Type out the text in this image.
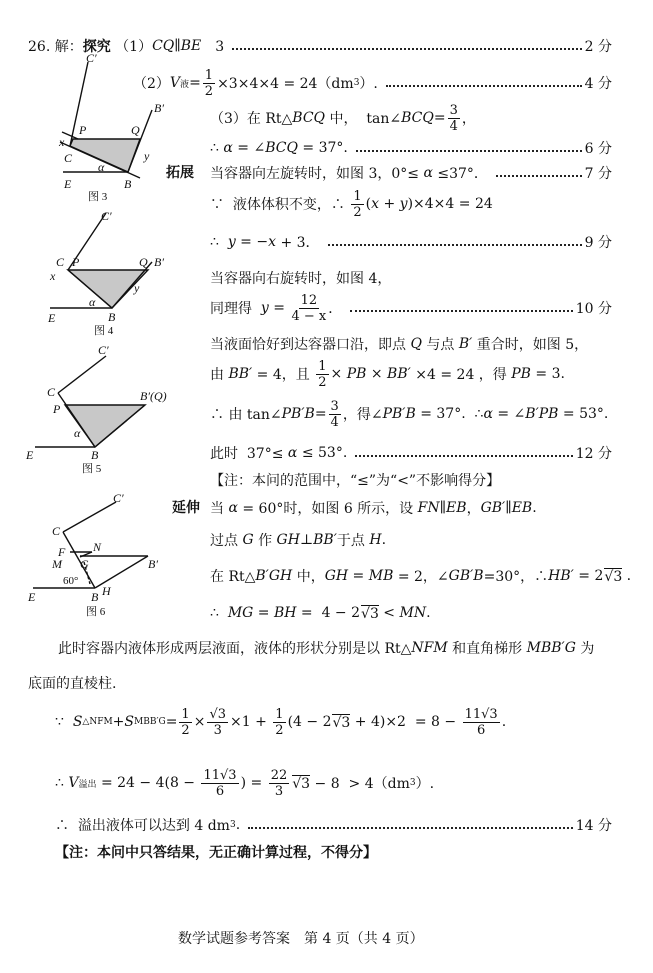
26. 解： 探究 （1） CQ∥BE 　3	2 分
（2） V 液 = $\frac{1}{2} \times 3\times 4\times 4 = 24(dm$ 3 ）.	4 分
（3）在 Rt△ BCQ 中，  tan∠ BCQ = $\frac{3}{4}$ ，
∴ α = ∠ BCQ = 37°.	6 分
拓展 当容器向左旋转时，如图 3，0°≤ α ≤37°．	7 分
∵  液体体积不变，∴ $\frac{1}{2}$ ( x + y )×4×4 = 24
∴ y = − x + 3．	9 分
当容器向右旋转时，如图 4，
同理得 $y = \frac{12}{4 - x}$ ．	10 分
当液面恰好到达容器口沿，即点 Q 与点 B′ 重合时，如图 5，
由 BB′ = 4，且 $\frac{1}{2}$ × PB × BB′ ×4 = 24 ，得 PB = 3.
∴ 由 tan∠ $PB'B = \frac{3}{4}$ ，得∠ PB′B = 37°.  ∴ α = ∠ B′PB = 53°.
此时  37°≤ α ≤ 53°.	12 分
【注：本问的范围中，“≤”为“<”不影响得分】
延伸 当 α = 60°时，如图 6 所示，设 FN∥EB ， GB′∥EB .
过点 G 作 GH ⊥ BB′ 于点 H .
在 Rt△ B′GH 中， GH = MB = 2，∠ GB′B =30°，∴ HB′ = 2 √ 3 .
∴ MG = BH =  4 − 2 √ 3 < MN .
此时容器内液体形成两层液面，液体的形状分别是以 Rt△ NFM 和直角梯形 MBB′G 为
底面的直棱柱.
∵ S △NFM + S $MBB'G = \frac{1}{2} \times \frac{√3}{3} \times 1 + \frac{1}{2} (4 - 2$ √ $3 + 4)\times 2 = 8 - \frac{11√3}{6}$ .
∴ V 溢出 = $24 - 4(8 - \frac{11√3}{6}$ ) = $\frac{22}{3}$ √ 3 − 8  > 4（dm 3 ）.
∴  溢出液体可以达到 4 dm 3 .	14 分
【注：本问中只答结果，无正确计算过程，不得分】
数学试题参考答案　第 4 页（共 4 页）
C′
B′
P	Q
x
C	y
α
E	B
图 3
C′
C P	Q B′
x
y
α
E	B
图 4
C′
C
P
B′(Q)
α
E	B
图 5
C′
C
F N
M G	B′
60°
H
E	B
图 6
